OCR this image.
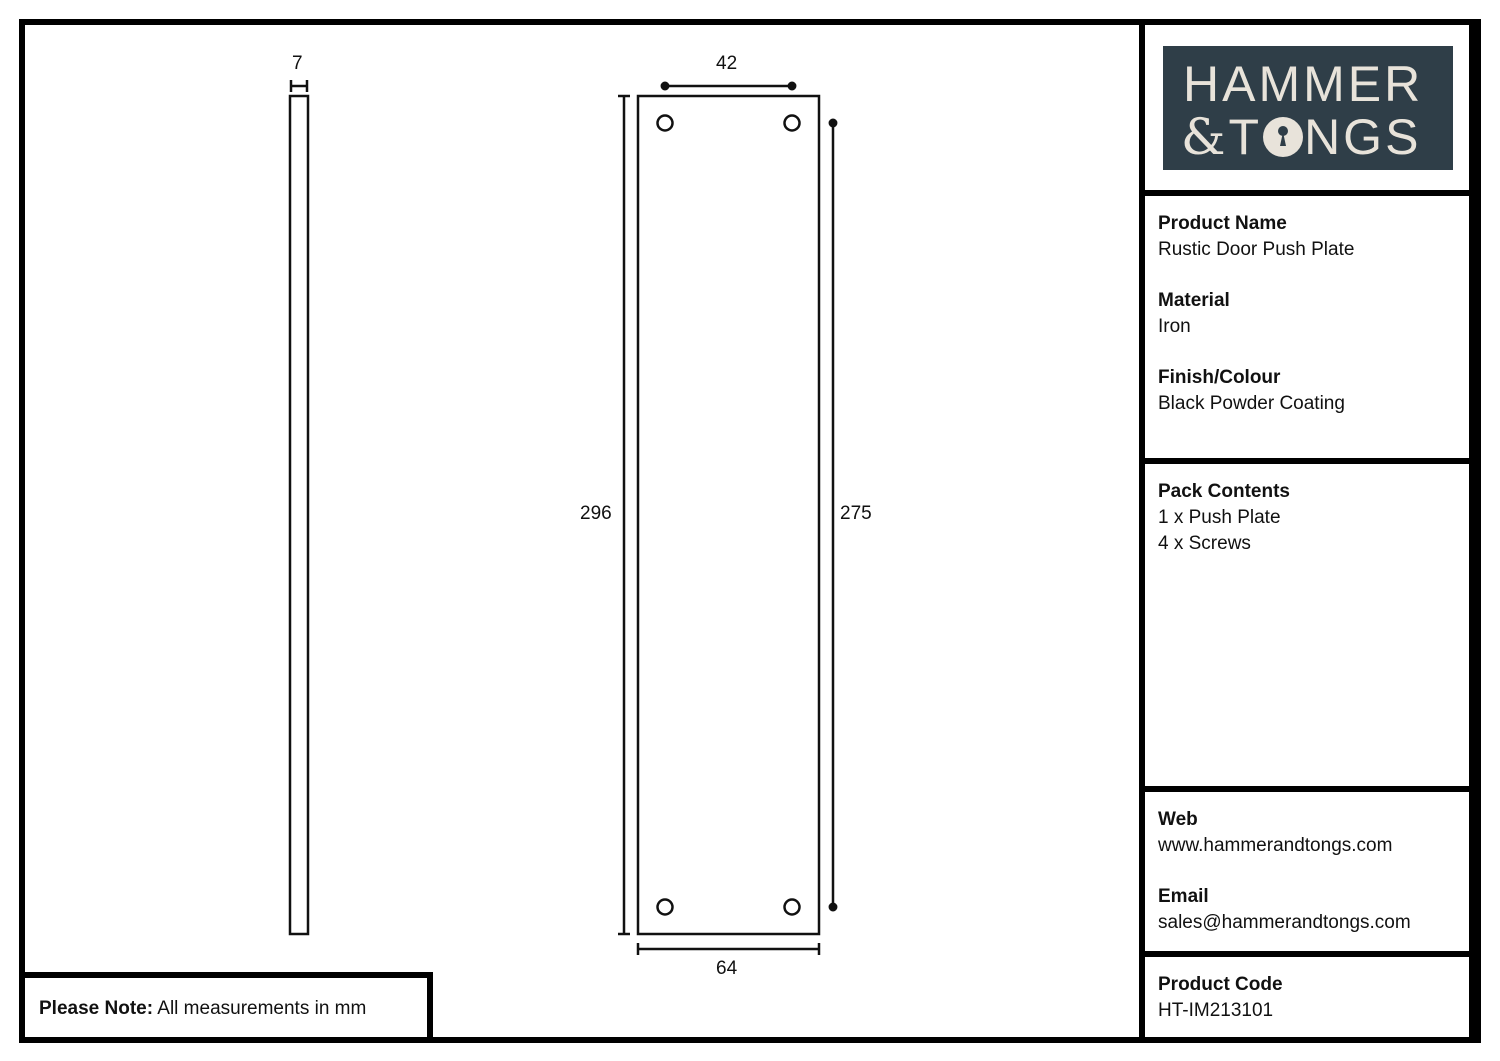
7	42
296	275
64
HAMMER
&T NGS
Product Name
Rustic Door Push Plate
Material
Iron
Finish/Colour
Black Powder Coating
Pack Contents
1 x Push Plate
4 x Screws
Web
www.hammerandtongs.com
Email
sales@hammerandtongs.com
Product Code
HT-IM213101
Please Note: All measurements in mm
